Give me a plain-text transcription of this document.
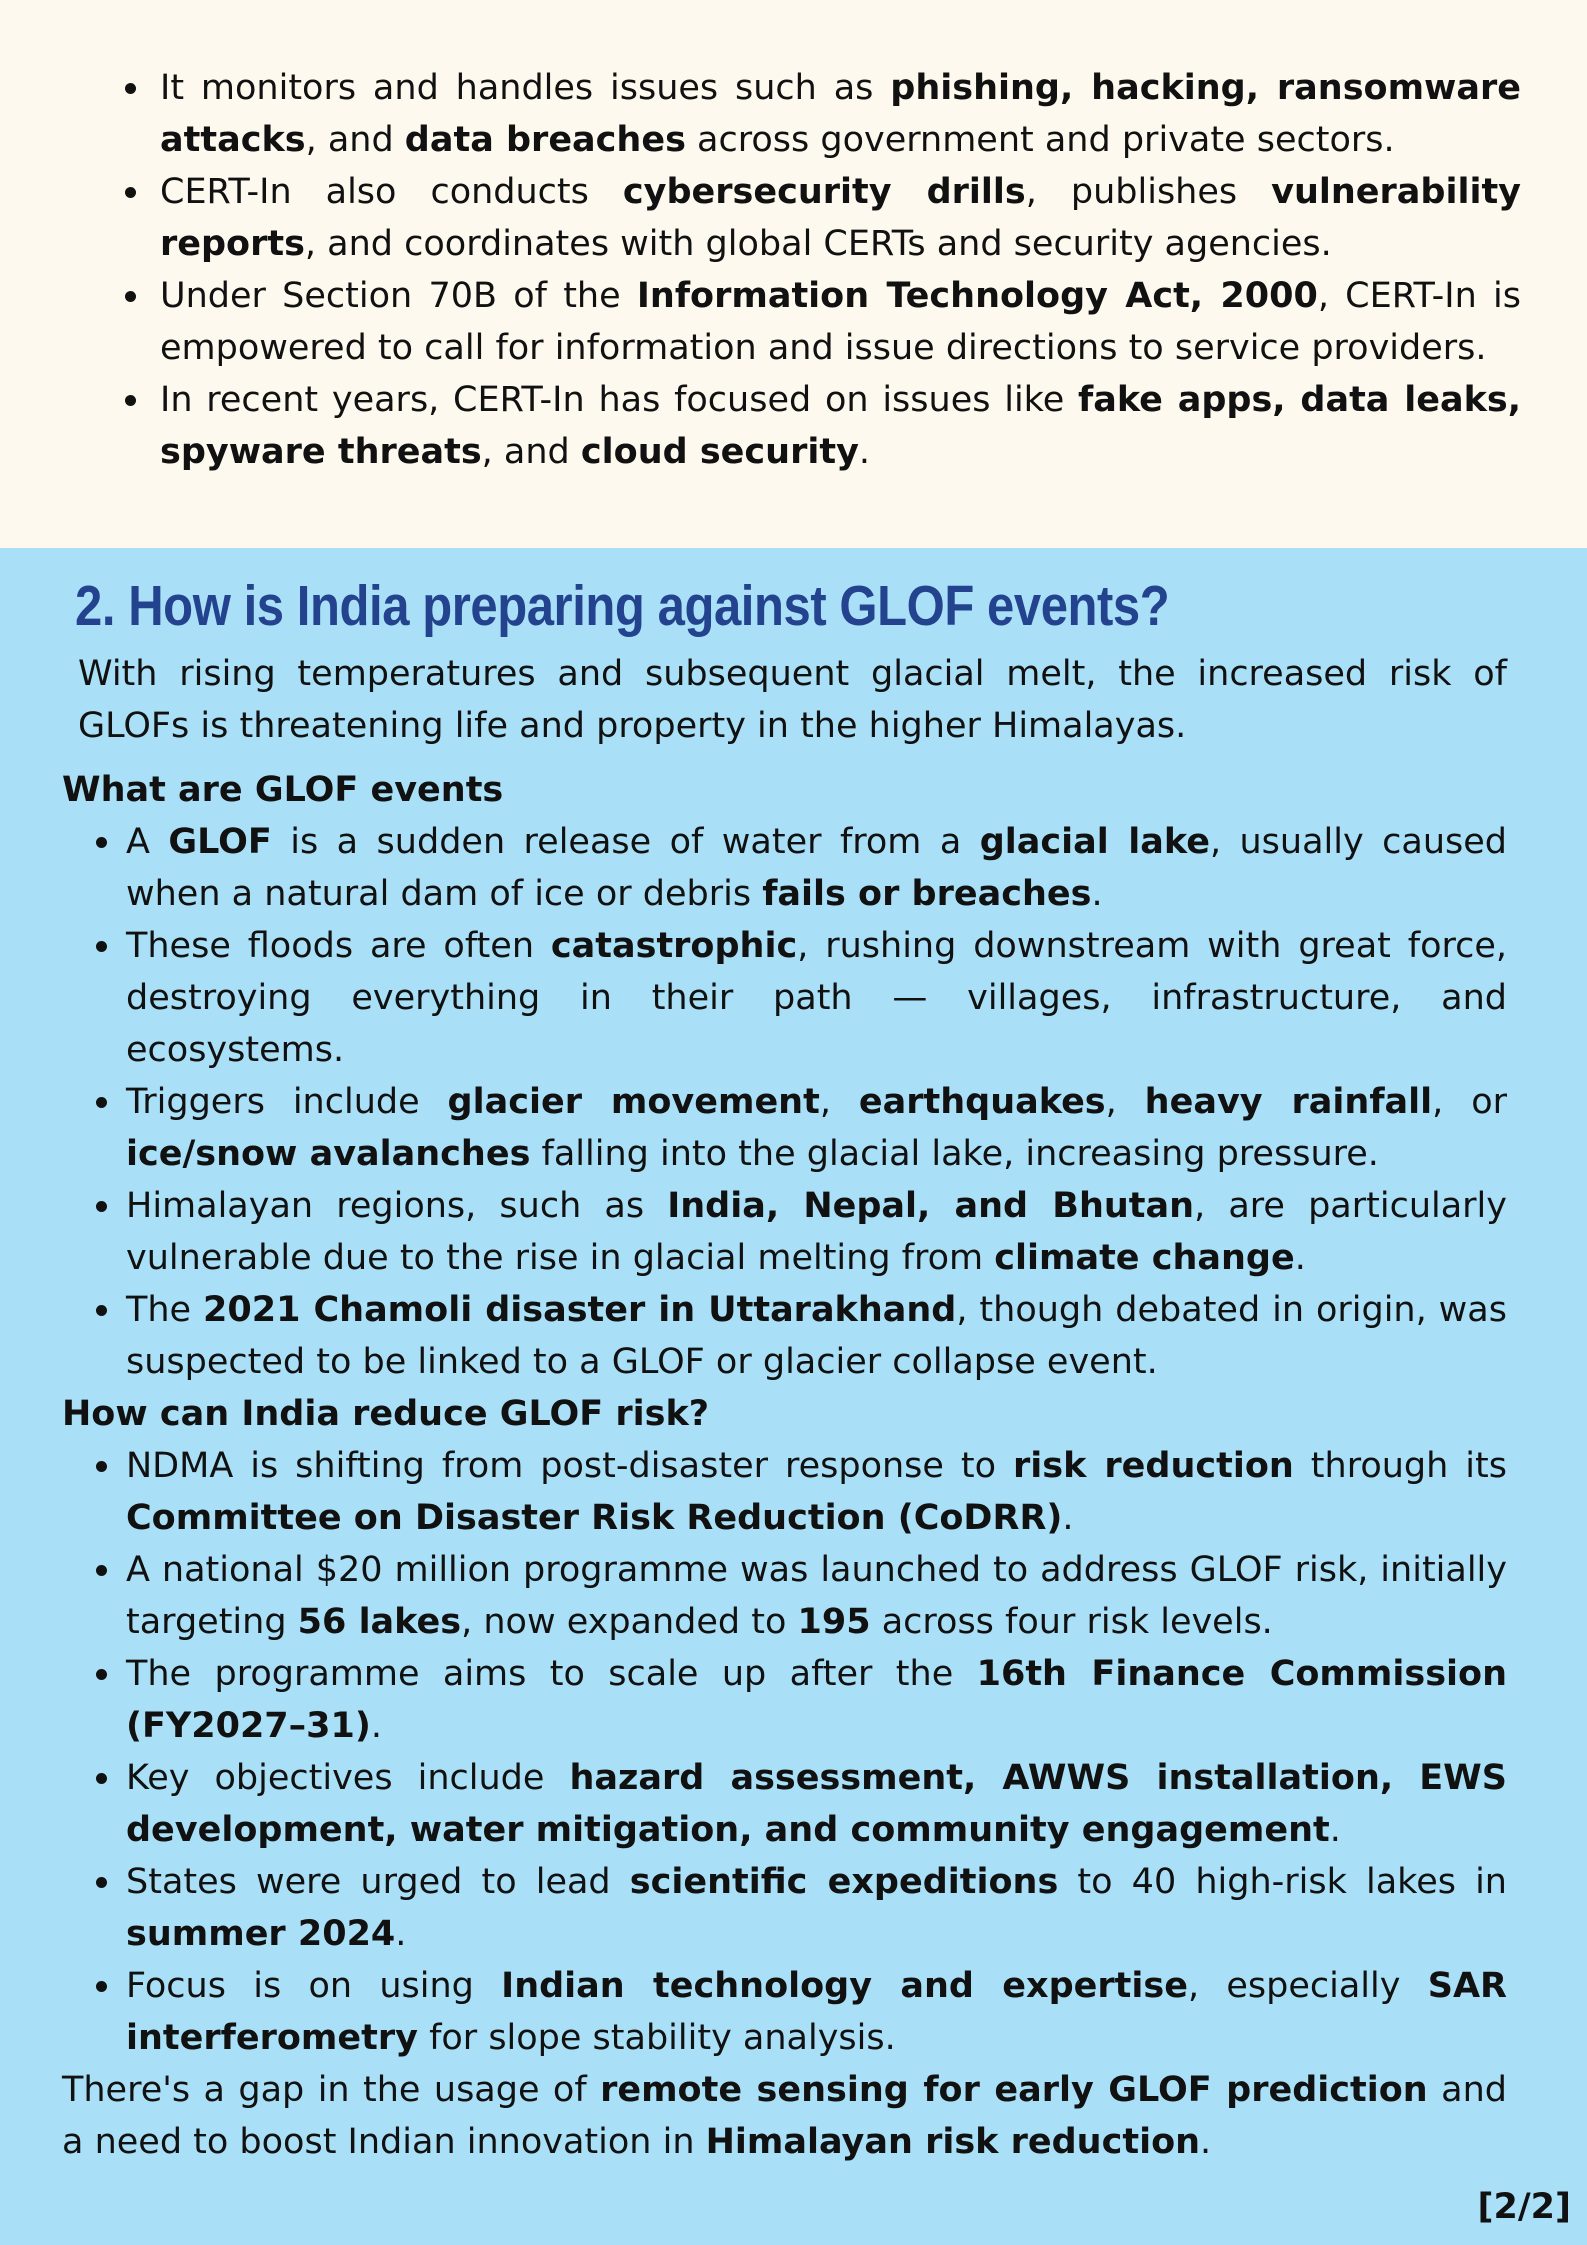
It monitors and handles issues such as phishing, hacking, ransomware attacks, and data breaches across government and private sectors.
CERT-In also conducts cybersecurity drills, publishes vulnerability reports, and coordinates with global CERTs and security agencies.
Under Section 70B of the Information Technology Act, 2000, CERT-In is empowered to call for information and issue directions to service providers.
In recent years, CERT-In has focused on issues like fake apps, data leaks, spyware threats, and cloud security.
2. How is India preparing against GLOF events?

With rising temperatures and subsequent glacial melt, the increased risk of GLOFs is threatening life and property in the higher Himalayas.

What are GLOF events

A GLOF is a sudden release of water from a glacial lake, usually caused when a natural dam of ice or debris fails or breaches.
These floods are often catastrophic, rushing downstream with great force, destroying everything in their path — villages, infrastructure, and ecosystems.
Triggers include glacier movement, earthquakes, heavy rainfall, or ice/snow avalanches falling into the glacial lake, increasing pressure.
Himalayan regions, such as India, Nepal, and Bhutan, are particularly vulnerable due to the rise in glacial melting from climate change.
The 2021 Chamoli disaster in Uttarakhand, though debated in origin, was suspected to be linked to a GLOF or glacier collapse event.

How can India reduce GLOF risk?

NDMA is shifting from post-disaster response to risk reduction through its Committee on Disaster Risk Reduction (CoDRR).
A national $20 million programme was launched to address GLOF risk, initially targeting 56 lakes, now expanded to 195 across four risk levels.
The programme aims to scale up after the 16th Finance Commission (FY2027–31).
Key objectives include hazard assessment, AWWS installation, EWS development, water mitigation, and community engagement.
States were urged to lead scientific expeditions to 40 high-risk lakes in summer 2024.
Focus is on using Indian technology and expertise, especially SAR interferometry for slope stability analysis.

There's a gap in the usage of remote sensing for early GLOF prediction and a need to boost Indian innovation in Himalayan risk reduction.

[2/2]
